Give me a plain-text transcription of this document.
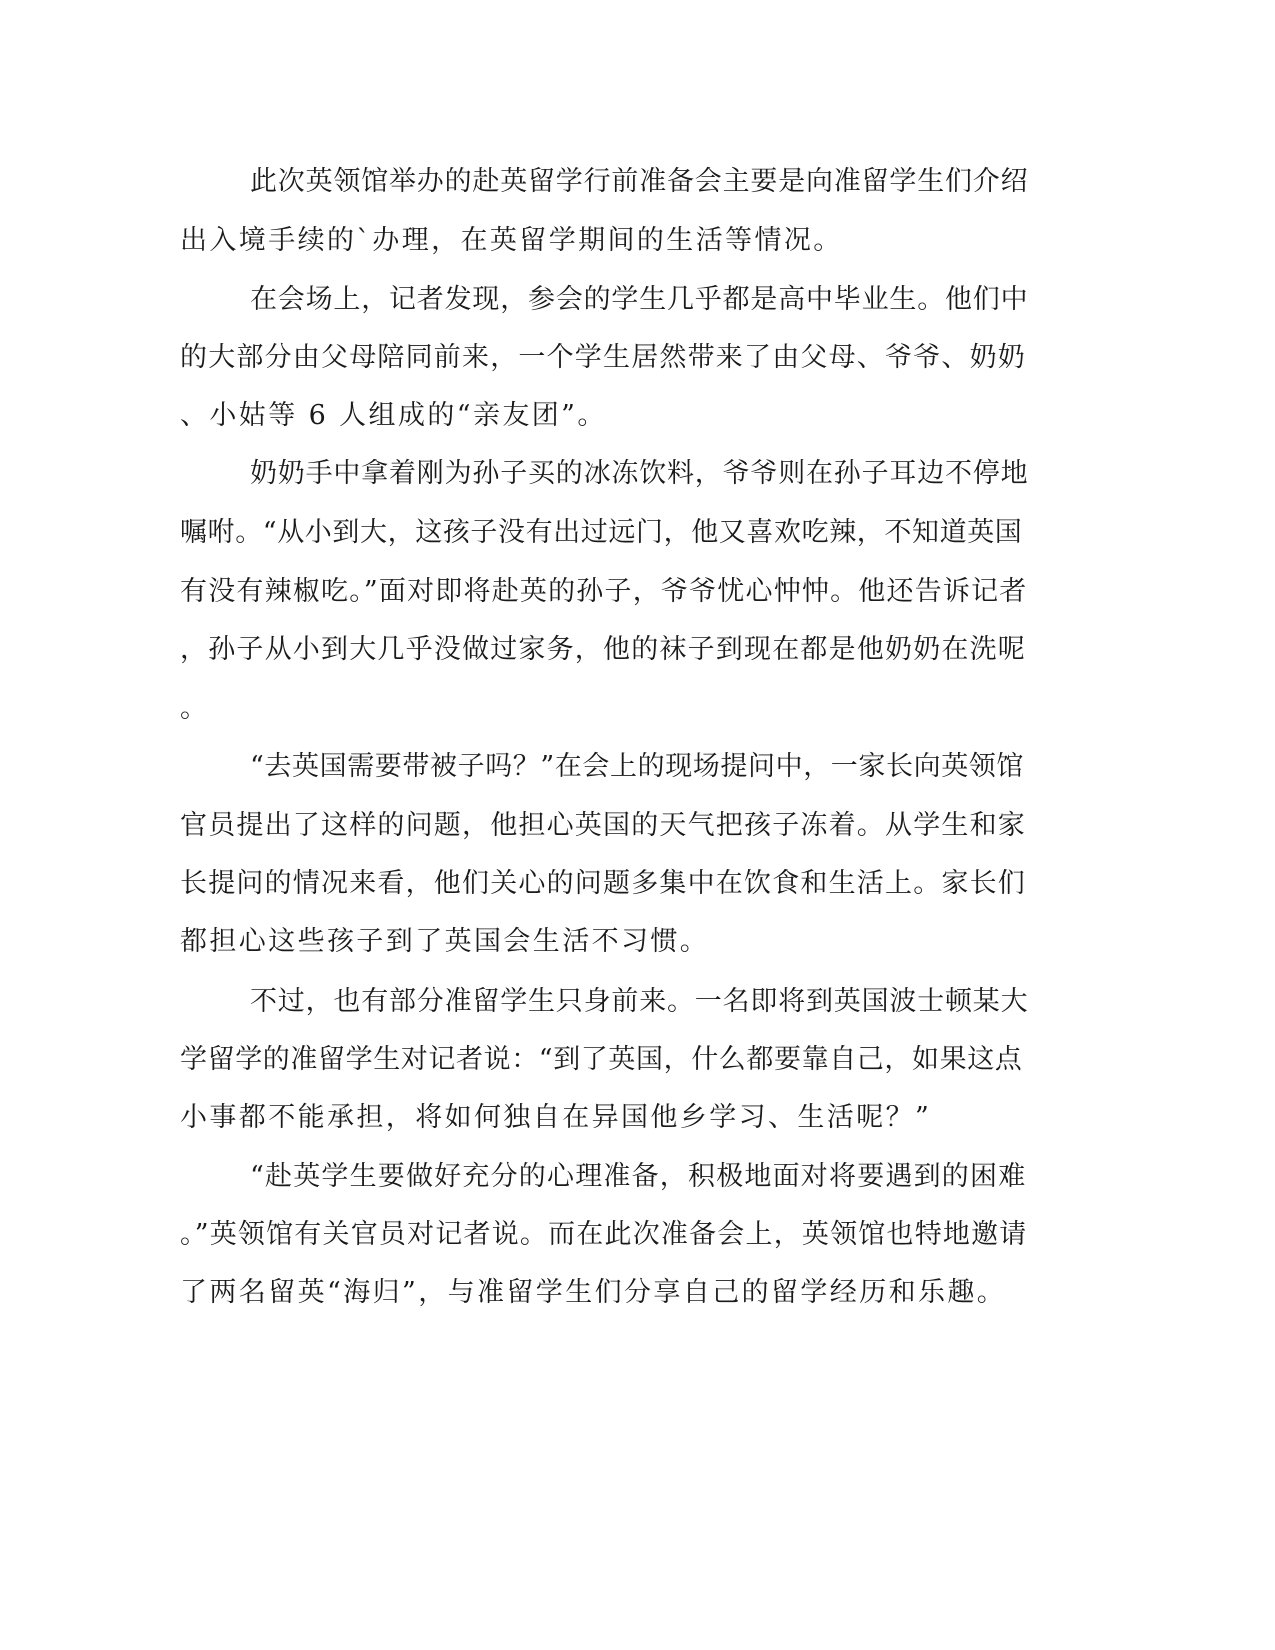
此次英领馆举办的赴英留学行前准备会主要是向准留学生们介绍
出入境手续的`办理，在英留学期间的生活等情况。
在会场上，记者发现，参会的学生几乎都是高中毕业生。他们中
的大部分由父母陪同前来，一个学生居然带来了由父母、爷爷、奶奶
、小姑等 6 人组成的“亲友团”。
奶奶手中拿着刚为孙子买的冰冻饮料，爷爷则在孙子耳边不停地
嘱咐。“从小到大，这孩子没有出过远门，他又喜欢吃辣，不知道英国
有没有辣椒吃。”面对即将赴英的孙子，爷爷忧心忡忡。他还告诉记者
，孙子从小到大几乎没做过家务，他的袜子到现在都是他奶奶在洗呢
。
“去英国需要带被子吗？”在会上的现场提问中，一家长向英领馆
官员提出了这样的问题，他担心英国的天气把孩子冻着。从学生和家
长提问的情况来看，他们关心的问题多集中在饮食和生活上。家长们
都担心这些孩子到了英国会生活不习惯。
不过，也有部分准留学生只身前来。一名即将到英国波士顿某大
学留学的准留学生对记者说：“到了英国，什么都要靠自己，如果这点
小事都不能承担，将如何独自在异国他乡学习、生活呢？”
“赴英学生要做好充分的心理准备，积极地面对将要遇到的困难
。”英领馆有关官员对记者说。而在此次准备会上，英领馆也特地邀请
了两名留英“海归”，与准留学生们分享自己的留学经历和乐趣。
